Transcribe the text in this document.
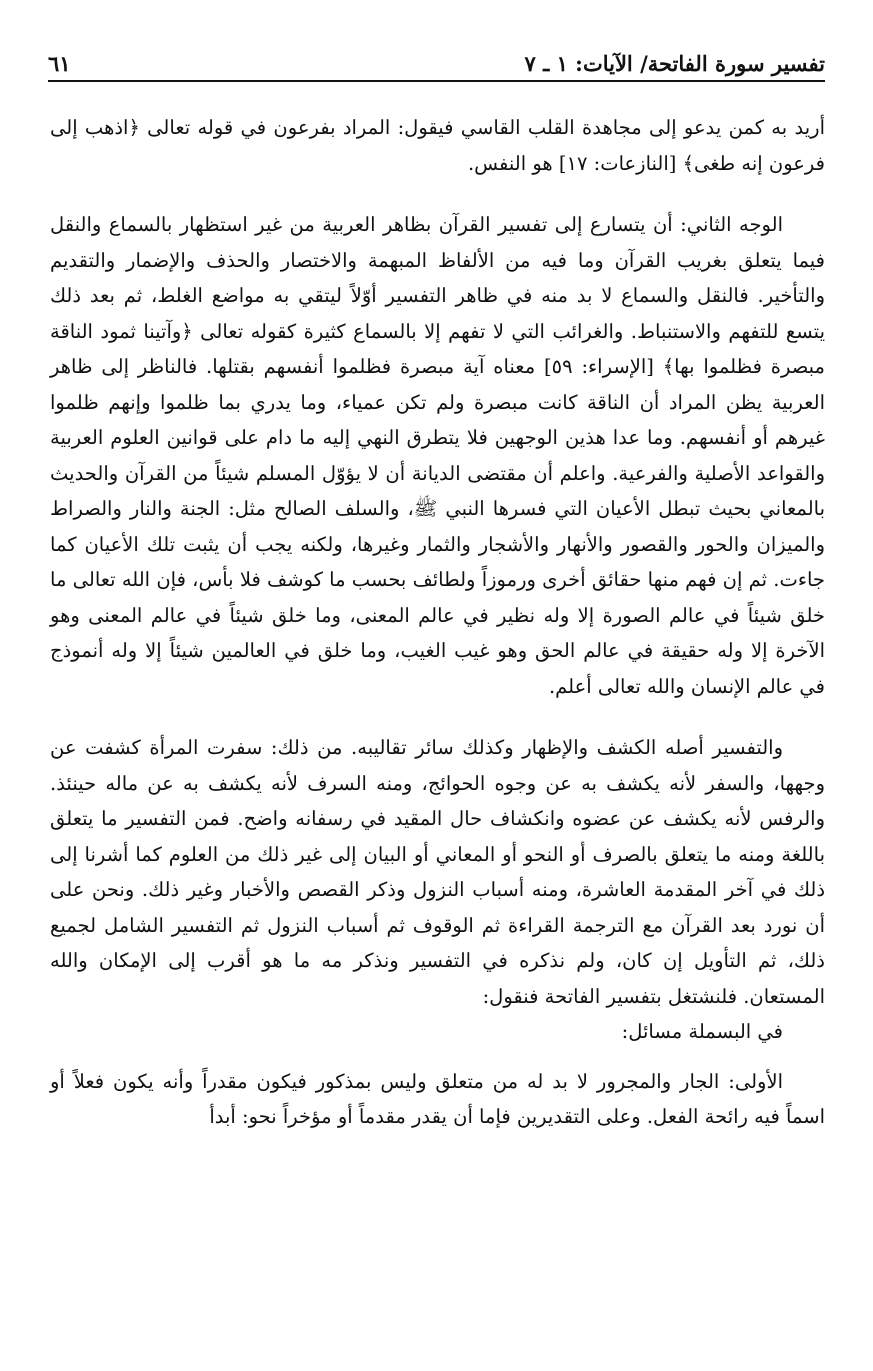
تفسير سورة الفاتحة/ الآيات: ١ ـ ٧
٦١

أريد به كمن يدعو إلى مجاهدة القلب القاسي فيقول: المراد بفرعون في قوله تعالى ﴿اذهب إلى فرعون إنه طغى﴾ [النازعات: ١٧] هو النفس.

الوجه الثاني: أن يتسارع إلى تفسير القرآن بظاهر العربية من غير استظهار بالسماع والنقل فيما يتعلق بغريب القرآن وما فيه من الألفاظ المبهمة والاختصار والحذف والإضمار والتقديم والتأخير. فالنقل والسماع لا بد منه في ظاهر التفسير أوّلاً ليتقي به مواضع الغلط، ثم بعد ذلك يتسع للتفهم والاستنباط. والغرائب التي لا تفهم إلا بالسماع كثيرة كقوله تعالى ﴿وآتينا ثمود الناقة مبصرة فظلموا بها﴾ [الإسراء: ٥٩] معناه آية مبصرة فظلموا أنفسهم بقتلها. فالناظر إلى ظاهر العربية يظن المراد أن الناقة كانت مبصرة ولم تكن عمياء، وما يدري بما ظلموا وإنهم ظلموا غيرهم أو أنفسهم. وما عدا هذين الوجهين فلا يتطرق النهي إليه ما دام على قوانين العلوم العربية والقواعد الأصلية والفرعية. واعلم أن مقتضى الديانة أن لا يؤوّل المسلم شيئاً من القرآن والحديث بالمعاني بحيث تبطل الأعيان التي فسرها النبي ﷺ، والسلف الصالح مثل: الجنة والنار والصراط والميزان والحور والقصور والأنهار والأشجار والثمار وغيرها، ولكنه يجب أن يثبت تلك الأعيان كما جاءت. ثم إن فهم منها حقائق أخرى ورموزاً ولطائف بحسب ما كوشف فلا بأس، فإن الله تعالى ما خلق شيئاً في عالم الصورة إلا وله نظير في عالم المعنى، وما خلق شيئاً في عالم المعنى وهو الآخرة إلا وله حقيقة في عالم الحق وهو غيب الغيب، وما خلق في العالمين شيئاً إلا وله أنموذج في عالم الإنسان والله تعالى أعلم.

والتفسير أصله الكشف والإظهار وكذلك سائر تقاليبه. من ذلك: سفرت المرأة كشفت عن وجهها، والسفر لأنه يكشف به عن وجوه الحوائج، ومنه السرف لأنه يكشف به عن ماله حينئذ. والرفس لأنه يكشف عن عضوه وانكشاف حال المقيد في رسفانه واضح. فمن التفسير ما يتعلق باللغة ومنه ما يتعلق بالصرف أو النحو أو المعاني أو البيان إلى غير ذلك من العلوم كما أشرنا إلى ذلك في آخر المقدمة العاشرة، ومنه أسباب النزول وذكر القصص والأخبار وغير ذلك. ونحن على أن نورد بعد القرآن مع الترجمة القراءة ثم الوقوف ثم أسباب النزول ثم التفسير الشامل لجميع ذلك، ثم التأويل إن كان، ولم نذكره في التفسير ونذكر مه ما هو أقرب إلى الإمكان والله المستعان. فلنشتغل بتفسير الفاتحة فنقول:

في البسملة مسائل:

الأولى: الجار والمجرور لا بد له من متعلق وليس بمذكور فيكون مقدراً وأنه يكون فعلاً أو اسماً فيه رائحة الفعل. وعلى التقديرين فإما أن يقدر مقدماً أو مؤخراً نحو: أبدأ
